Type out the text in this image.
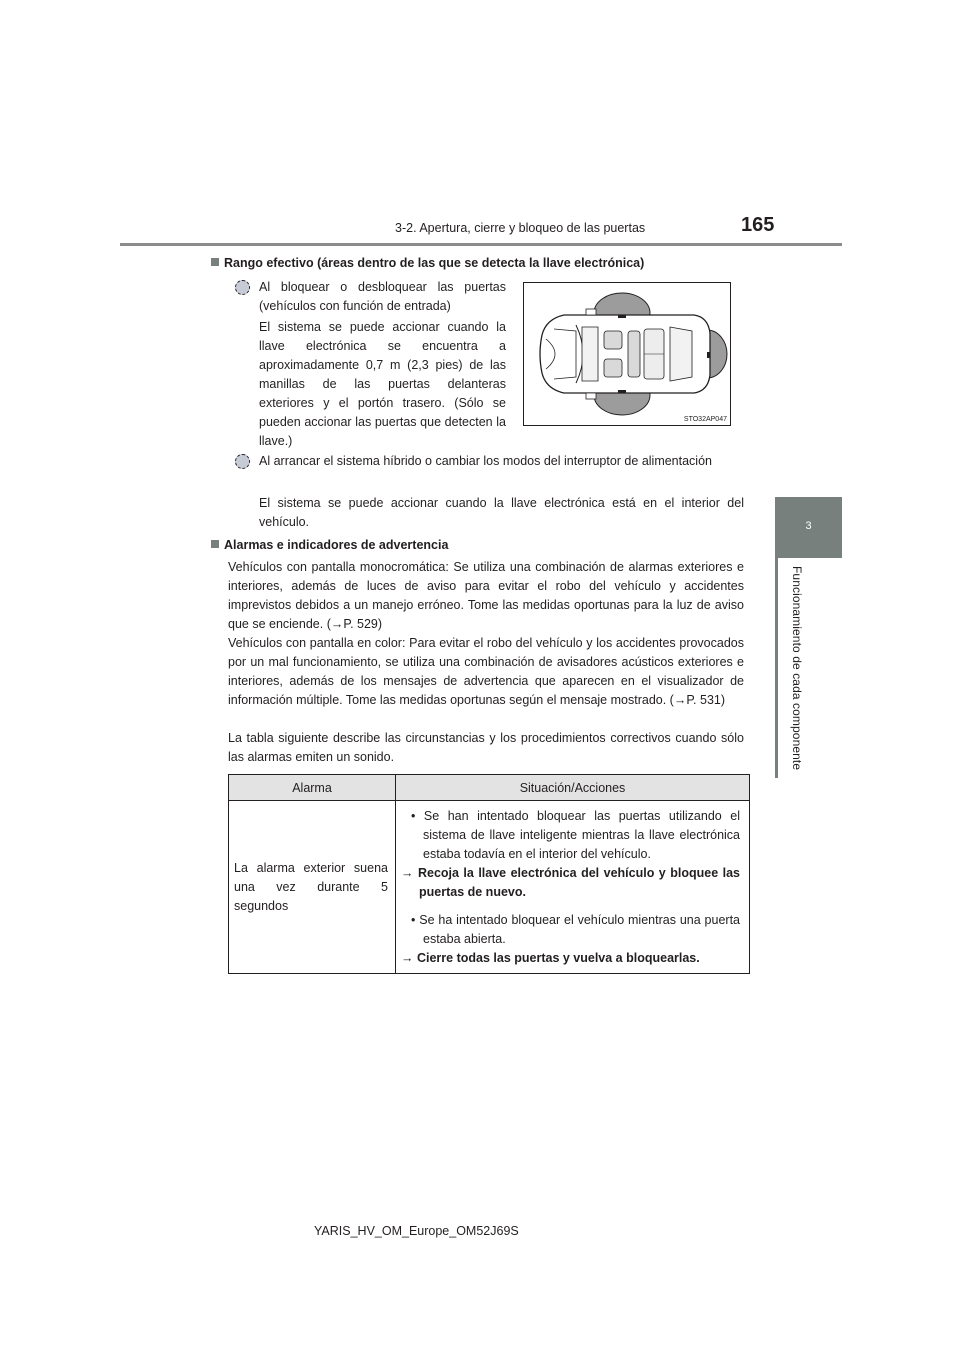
3-2. Apertura, cierre y bloqueo de las puertas	165
3
Funcionamiento de cada componente
Rango efectivo (áreas dentro de las que se detecta la llave electrónica)

Al bloquear o desbloquear las puertas (vehículos con función de entrada)

El sistema se puede accionar cuando la llave electrónica se encuentra a aproximadamente 0,7 m (2,3 pies) de las manillas de las puertas delanteras exteriores y el portón trasero. (Sólo se pueden accionar las puertas que detecten la llave.)

STO32AP047

Al arrancar el sistema híbrido o cambiar los modos del interruptor de alimentación

El sistema se puede accionar cuando la llave electrónica está en el interior del vehículo.

Alarmas e indicadores de advertencia

Vehículos con pantalla monocromática: Se utiliza una combinación de alarmas exteriores e interiores, además de luces de aviso para evitar el robo del vehículo y accidentes imprevistos debidos a un manejo erróneo. Tome las medidas oportunas para la luz de aviso que se enciende. (→P. 529)

Vehículos con pantalla en color: Para evitar el robo del vehículo y los accidentes provocados por un mal funcionamiento, se utiliza una combinación de avisadores acústicos exteriores e interiores, además de los mensajes de advertencia que aparecen en el visualizador de información múltiple. Tome las medidas oportunas según el mensaje mostrado. (→P. 531)

La tabla siguiente describe las circunstancias y los procedimientos correctivos cuando sólo las alarmas emiten un sonido.

Alarma	Situación/Acciones

La alarma exterior suena una vez durante 5 segundos	• Se han intentado bloquear las puertas utilizando el sistema de llave inteligente mientras la llave electrónica estaba todavía en el interior del vehículo.

→ Recoja la llave electrónica del vehículo y bloquee las puertas de nuevo.

• Se ha intentado bloquear el vehículo mientras una puerta estaba abierta.

→ Cierre todas las puertas y vuelva a bloquearlas.

YARIS_HV_OM_Europe_OM52J69S
